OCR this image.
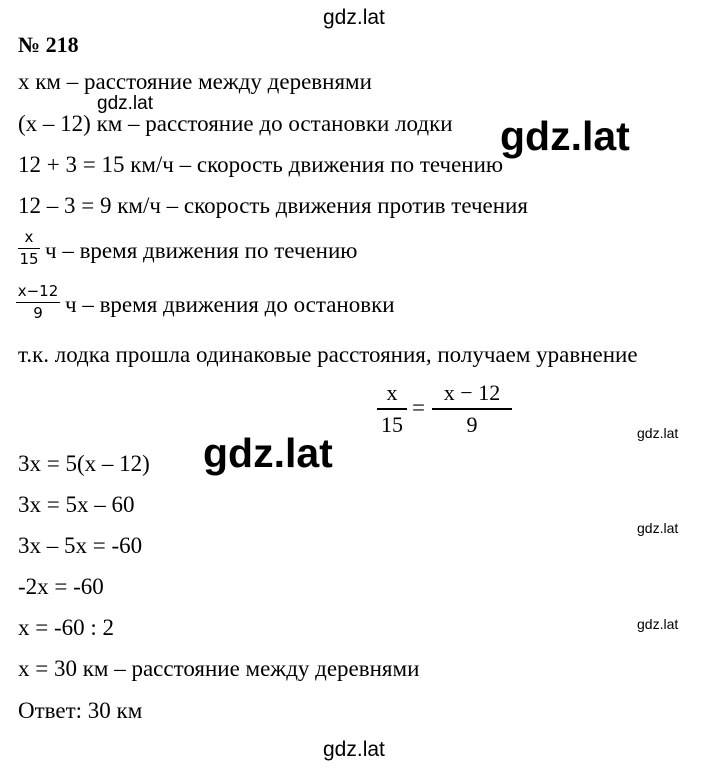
gdz.lat
gdz.lat
gdz.lat
gdz.lat	gdz.lat
gdz.lat
gdz.lat
gdz.lat
№ 218
x км – расстояние между деревнями
(x – 12) км – расстояние до остановки лодки
12 + 3 = 15 км/ч – скорость движения по течению
12 – 3 = 9 км/ч – скорость движения против течения
x
15 ч – время движения по течению
x−12
9 ч – время движения до остановки
т.к. лодка прошла одинаковые расстояния, получаем уравнение
x
15
=
x − 12
9
3x = 5(x – 12)
3x = 5x – 60
3x – 5x = -60
-2x = -60
x = -60 : 2
x = 30 км – расстояние между деревнями
Ответ: 30 км
